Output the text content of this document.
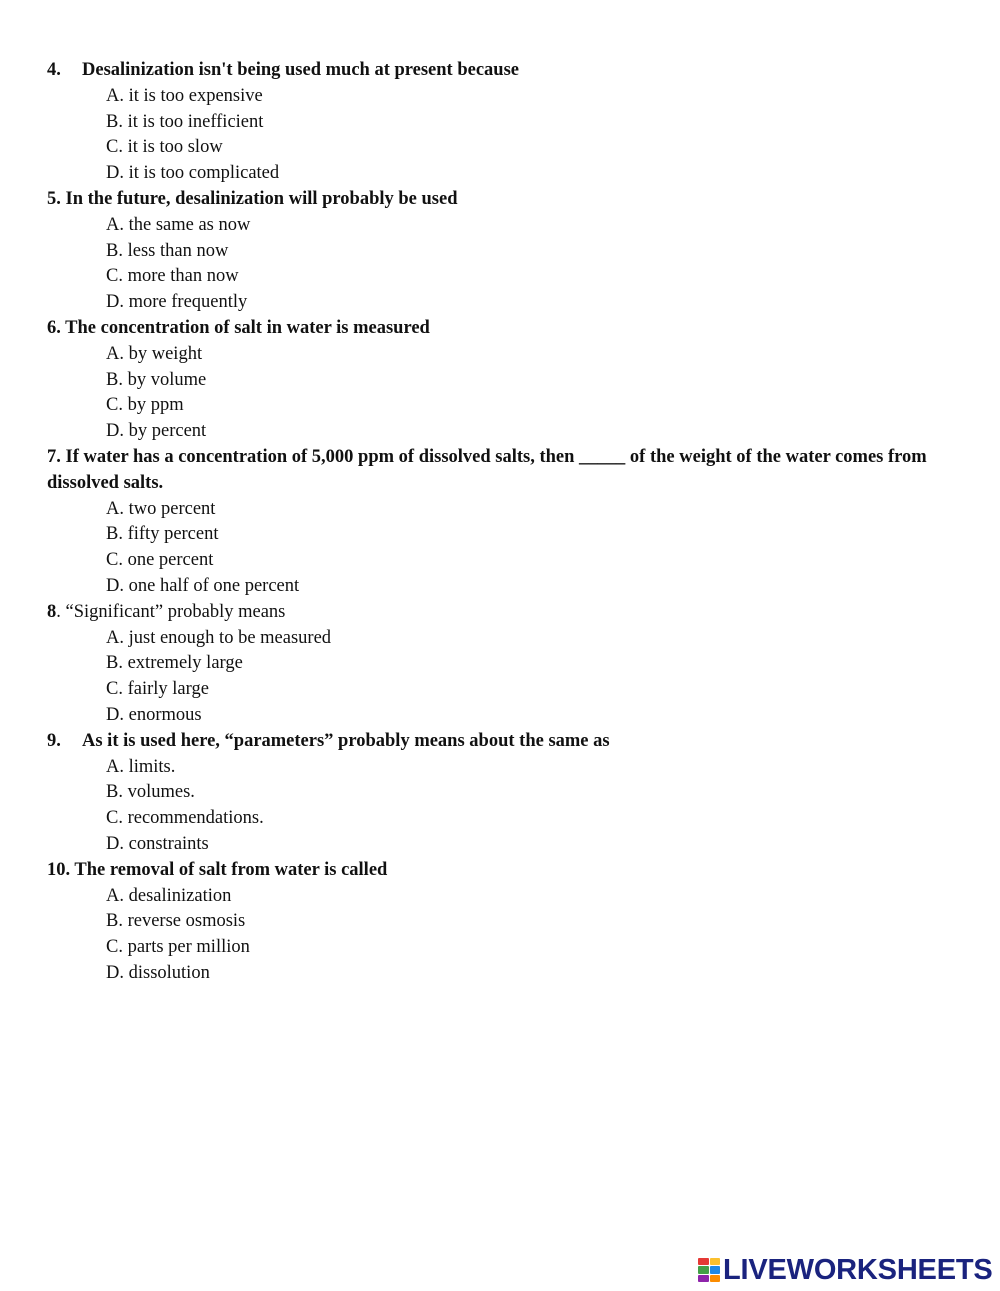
4. Desalinization isn't being used much at present because

A. it is too expensive
B. it is too inefficient
C. it is too slow
D. it is too complicated

5. In the future, desalinization will probably be used

A. the same as now
B. less than now
C. more than now
D. more frequently

6. The concentration of salt in water is measured

A. by weight
B. by volume
C. by ppm
D. by percent

7. If water has a concentration of 5,000 ppm of dissolved salts, then _____ of the weight of the water comes from dissolved salts.

A. two percent
B. fifty percent
C. one percent
D. one half of one percent

8. “Significant” probably means

A. just enough to be measured
B. extremely large
C. fairly large
D. enormous

9. As it is used here, “parameters” probably means about the same as

A. limits.
B. volumes.
C. recommendations.
D. constraints

10. The removal of salt from water is called

A. desalinization
B. reverse osmosis
C. parts per million
D. dissolution
LIVEWORKSHEETS
